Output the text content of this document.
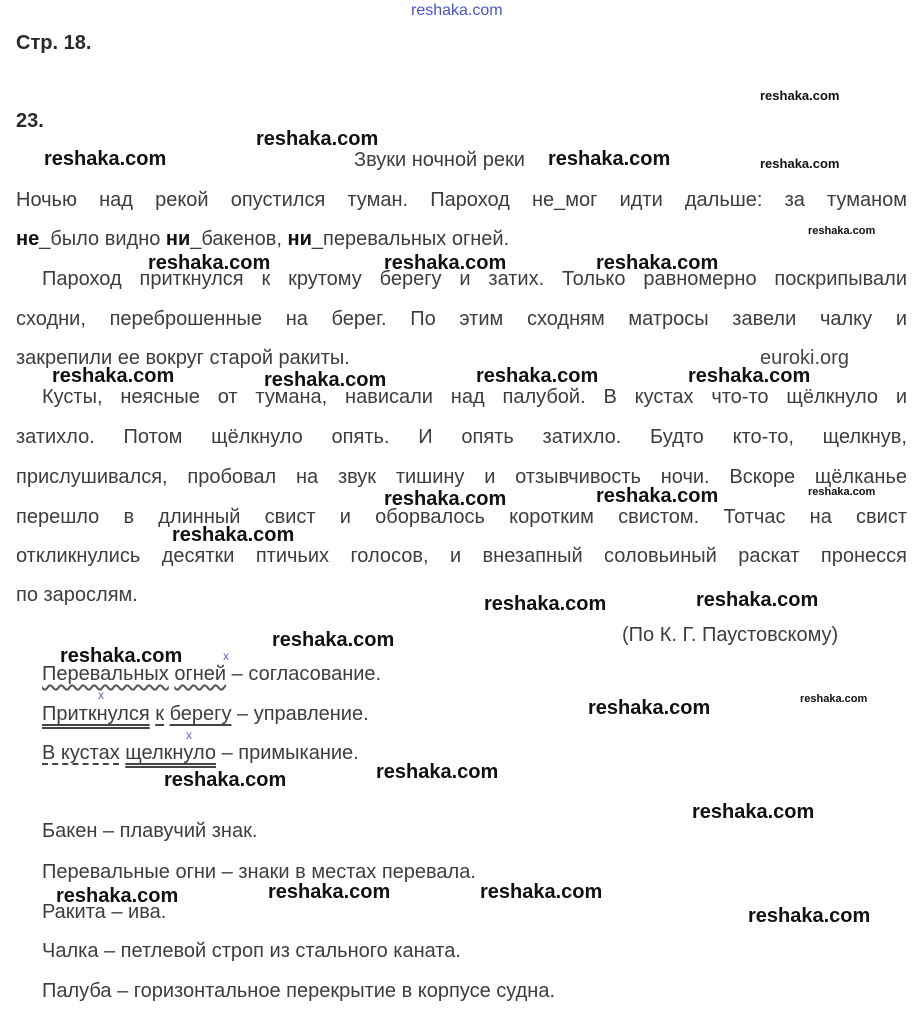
reshaka.com
Стр. 18.
23.
Звуки ночной реки
Ночью над рекой опустился туман. Пароход не_мог идти дальше: за туманом
не_было видно ни_бакенов, ни_перевальных огней.
Пароход приткнулся к крутому берегу и затих. Только равномерно поскрипывали
сходни, переброшенные на берег. По этим сходням матросы завели чалку и
закрепили ее вокруг старой ракиты.
Кусты, неясные от тумана, нависали над палубой. В кустах что-то щёлкнуло и
затихло. Потом щёлкнуло опять. И опять затихло. Будто кто-то, щелкнув,
прислушивался, пробовал на звук тишину и отзывчивость ночи. Вскоре щёлканье
перешло в длинный свист и оборвалось коротким свистом. Тотчас на свист
откликнулись десятки птичьих голосов, и внезапный соловьиный раскат пронесся
по зарослям.
(По К. Г. Паустовскому)
x
Перевальных огней – согласование.
x
Приткнулся к берегу – управление.
x
В кустах щелкнуло – примыкание.
Бакен – плавучий знак.
Перевальные огни – знаки в местах перевала.
Ракита – ива.
Чалка – петлевой строп из стального каната.
Палуба – горизонтальное перекрытие в корпусе судна.
reshaka.com
reshaka.com
reshaka.com	reshaka.com	reshaka.com
reshaka.com
reshaka.com	reshaka.com	reshaka.com
euroki.org
reshaka.com	reshaka.com	reshaka.com	reshaka.com
reshaka.com	reshaka.com	reshaka.com
reshaka.com
reshaka.com	reshaka.com
reshaka.com
reshaka.com
reshaka.com
reshaka.com
reshaka.com	reshaka.com
reshaka.com
reshaka.com	reshaka.com	reshaka.com
reshaka.com
